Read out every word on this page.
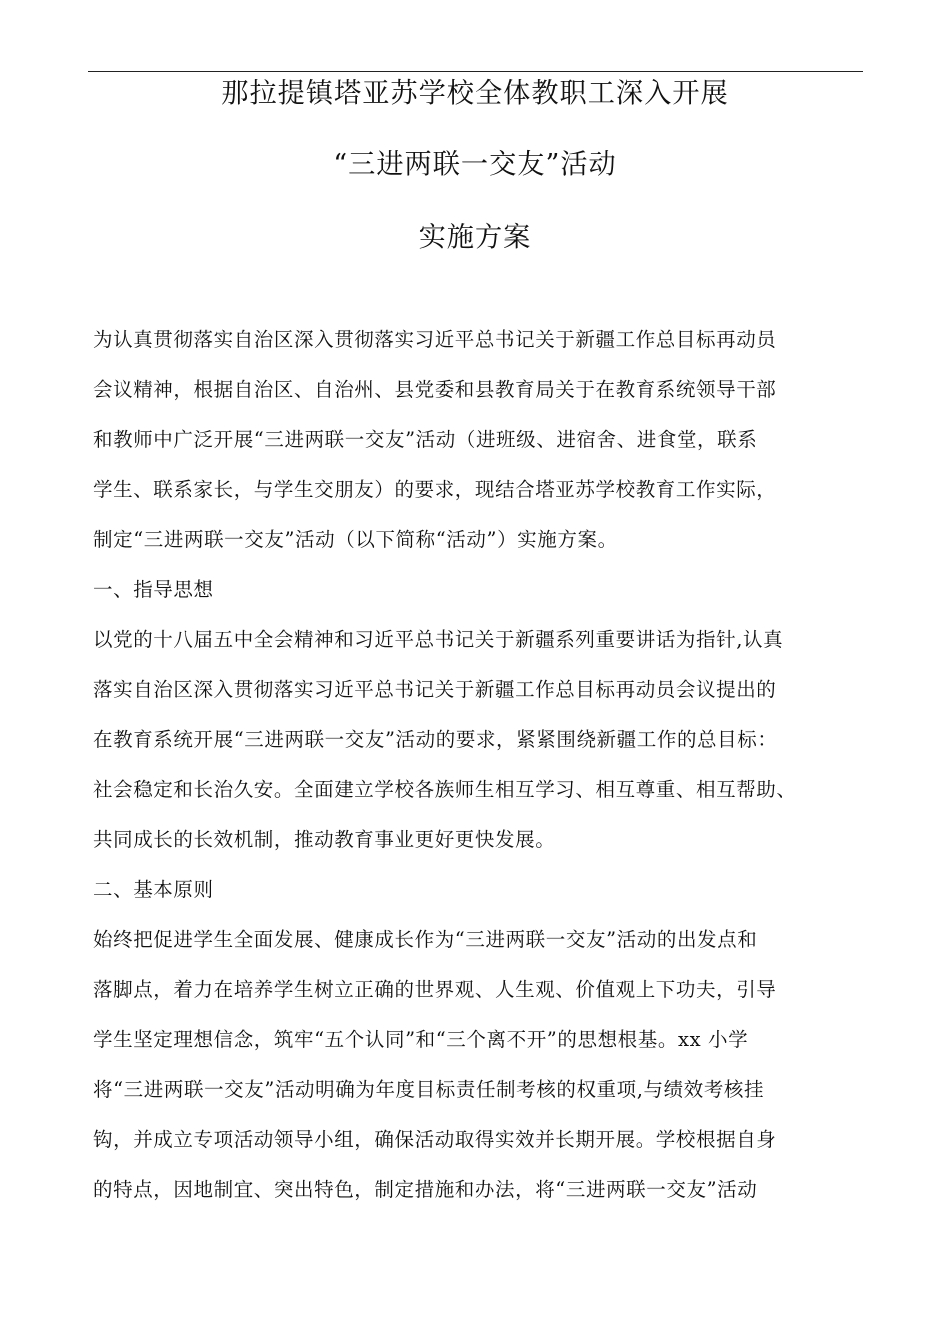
那拉提镇塔亚苏学校全体教职工深入开展
“三进两联一交友”活动
实施方案
为认真贯彻落实自治区深入贯彻落实习近平总书记关于新疆工作总目标再动员
会议精神，根据自治区、自治州、县党委和县教育局关于在教育系统领导干部
和教师中广泛开展“三进两联一交友”活动（进班级、进宿舍、进食堂，联系
学生、联系家长，与学生交朋友）的要求，现结合塔亚苏学校教育工作实际，
制定“三进两联一交友”活动（以下简称“活动”）实施方案。
一、指导思想
以党的十八届五中全会精神和习近平总书记关于新疆系列重要讲话为指针,认真
落实自治区深入贯彻落实习近平总书记关于新疆工作总目标再动员会议提出的
在教育系统开展“三进两联一交友”活动的要求，紧紧围绕新疆工作的总目标：
社会稳定和长治久安。全面建立学校各族师生相互学习、相互尊重、相互帮助、
共同成长的长效机制，推动教育事业更好更快发展。
二、基本原则
始终把促进学生全面发展、健康成长作为“三进两联一交友”活动的出发点和
落脚点，着力在培养学生树立正确的世界观、人生观、价值观上下功夫，引导
学生坚定理想信念，筑牢“五个认同”和“三个离不开”的思想根基。xx 小学
将“三进两联一交友”活动明确为年度目标责任制考核的权重项,与绩效考核挂
钩，并成立专项活动领导小组，确保活动取得实效并长期开展。学校根据自身
的特点，因地制宜、突出特色，制定措施和办法，将“三进两联一交友”活动
